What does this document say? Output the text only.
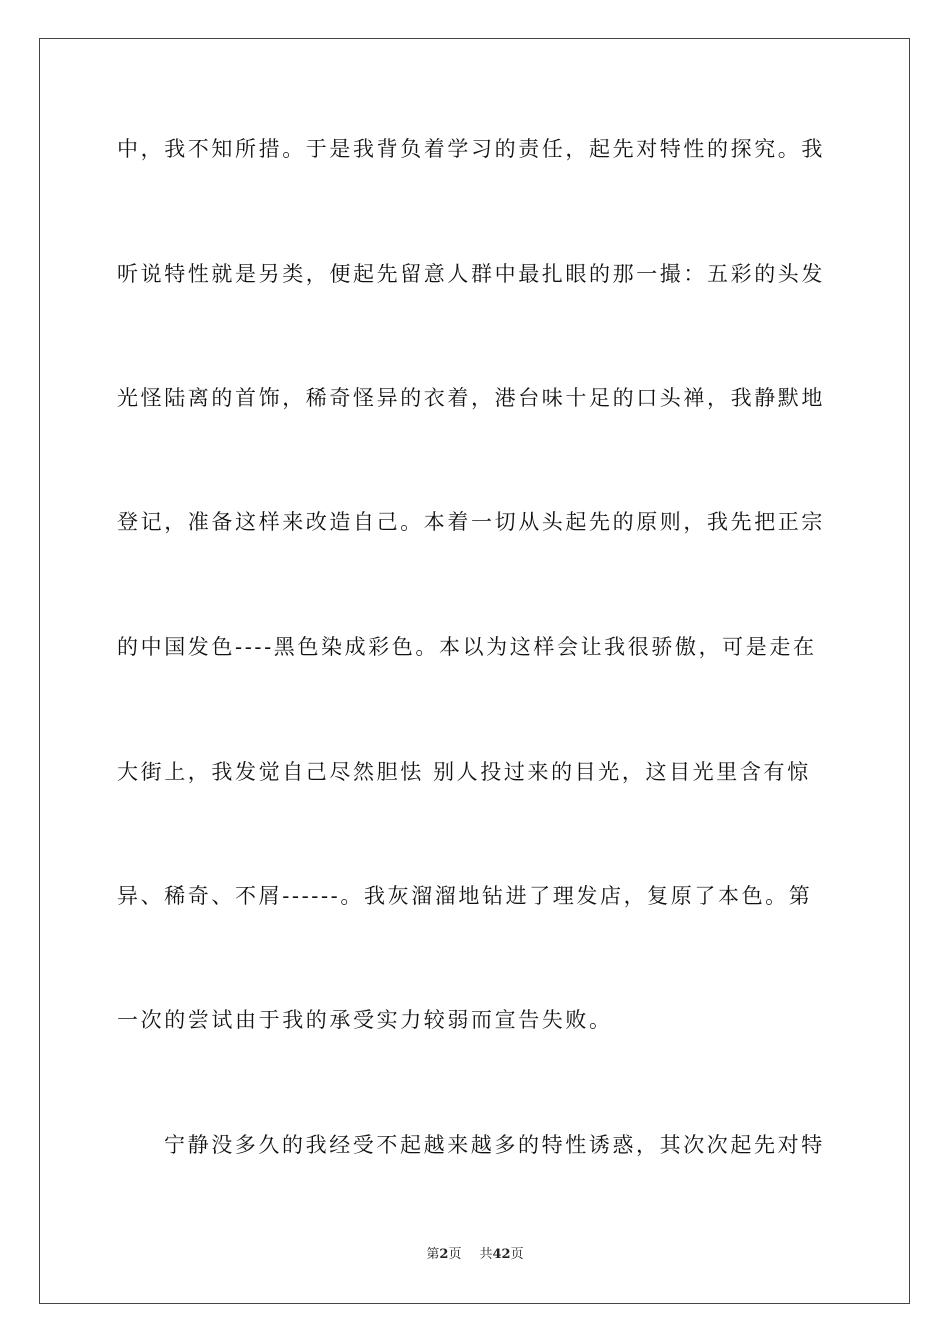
中，我不知所措。于是我背负着学习的责任，起先对特性的探究。我

听说特性就是另类，便起先留意人群中最扎眼的那一撮：五彩的头发

光怪陆离的首饰，稀奇怪异的衣着，港台味十足的口头禅，我静默地

登记，准备这样来改造自己。本着一切从头起先的原则，我先把正宗

的中国发色----黑色染成彩色。本以为这样会让我很骄傲，可是走在

大街上，我发觉自己尽然胆怯 别人投过来的目光，这目光里含有惊

异、稀奇、不屑------。我灰溜溜地钻进了理发店，复原了本色。第

一次的尝试由于我的承受实力较弱而宣告失败。

宁静没多久的我经受不起越来越多的特性诱惑，其次次起先对特

第2页 共42页
